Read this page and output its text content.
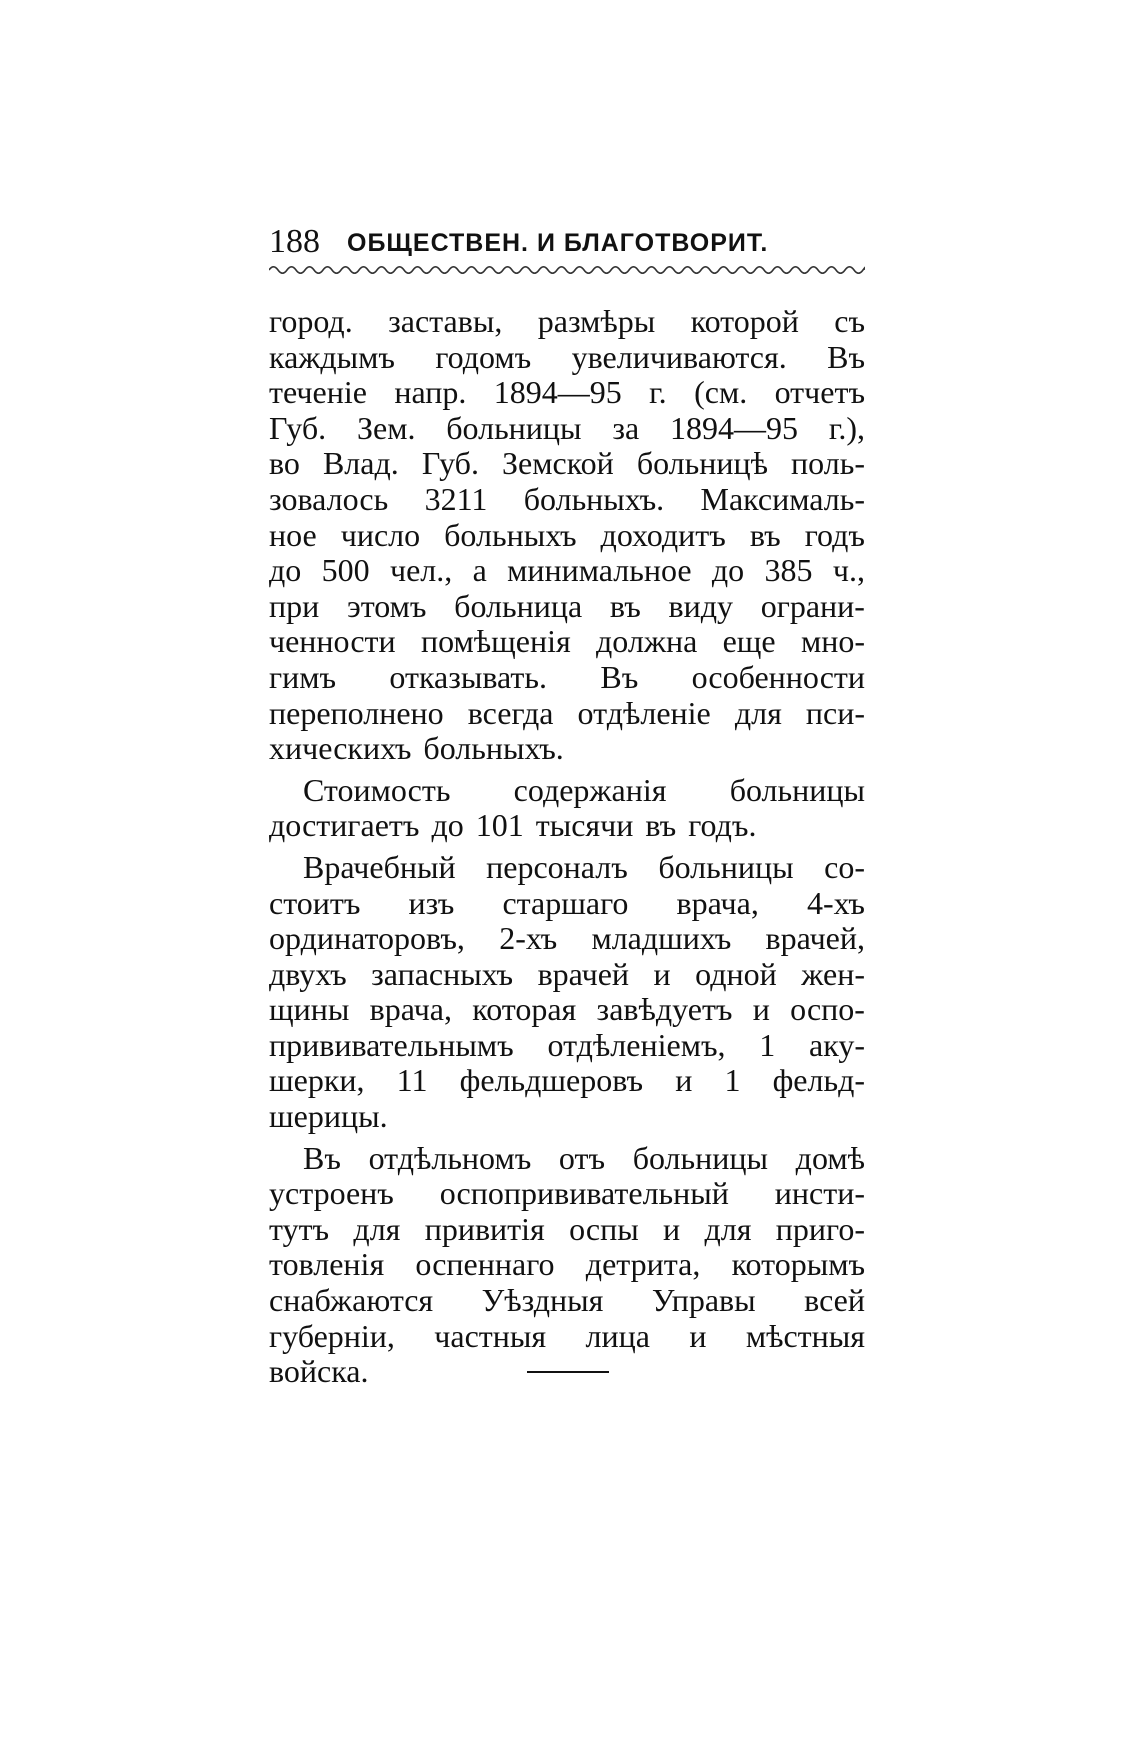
188 ОБЩЕСТВЕН. И БЛАГОТВОРИТ.
город. заставы, размѣры которой съ
каждымъ годомъ увеличиваются. Въ
теченіе напр. 1894—95 г. (см. отчетъ
Губ. Зем. больницы за 1894—95 г.),
во Влад. Губ. Земской больницѣ поль-
зовалось 3211 больныхъ. Максималь-
ное число больныхъ доходитъ въ годъ
до 500 чел., а минимальное до 385 ч.,
при этомъ больница въ виду ограни-
ченности помѣщенія должна еще мно-
гимъ отказывать. Въ особенности
переполнено всегда отдѣленіе для пси-
хическихъ больныхъ.
Стоимость содержанія больницы
достигаетъ до 101 тысячи въ годъ.
Врачебный персоналъ больницы со-
стоитъ изъ старшаго врача, 4-хъ
ординаторовъ, 2-хъ младшихъ врачей,
двухъ запасныхъ врачей и одной жен-
щины врача, которая завѣдуетъ и оспо-
прививательнымъ отдѣленіемъ, 1 аку-
шерки, 11 фельдшеровъ и 1 фельд-
шерицы.
Въ отдѣльномъ отъ больницы домѣ
устроенъ оспопрививательный инсти-
тутъ для привитія оспы и для приго-
товленія оспеннаго детрита, которымъ
снабжаются Уѣздныя Управы всей
губерніи, частныя лица и мѣстныя
войска.
